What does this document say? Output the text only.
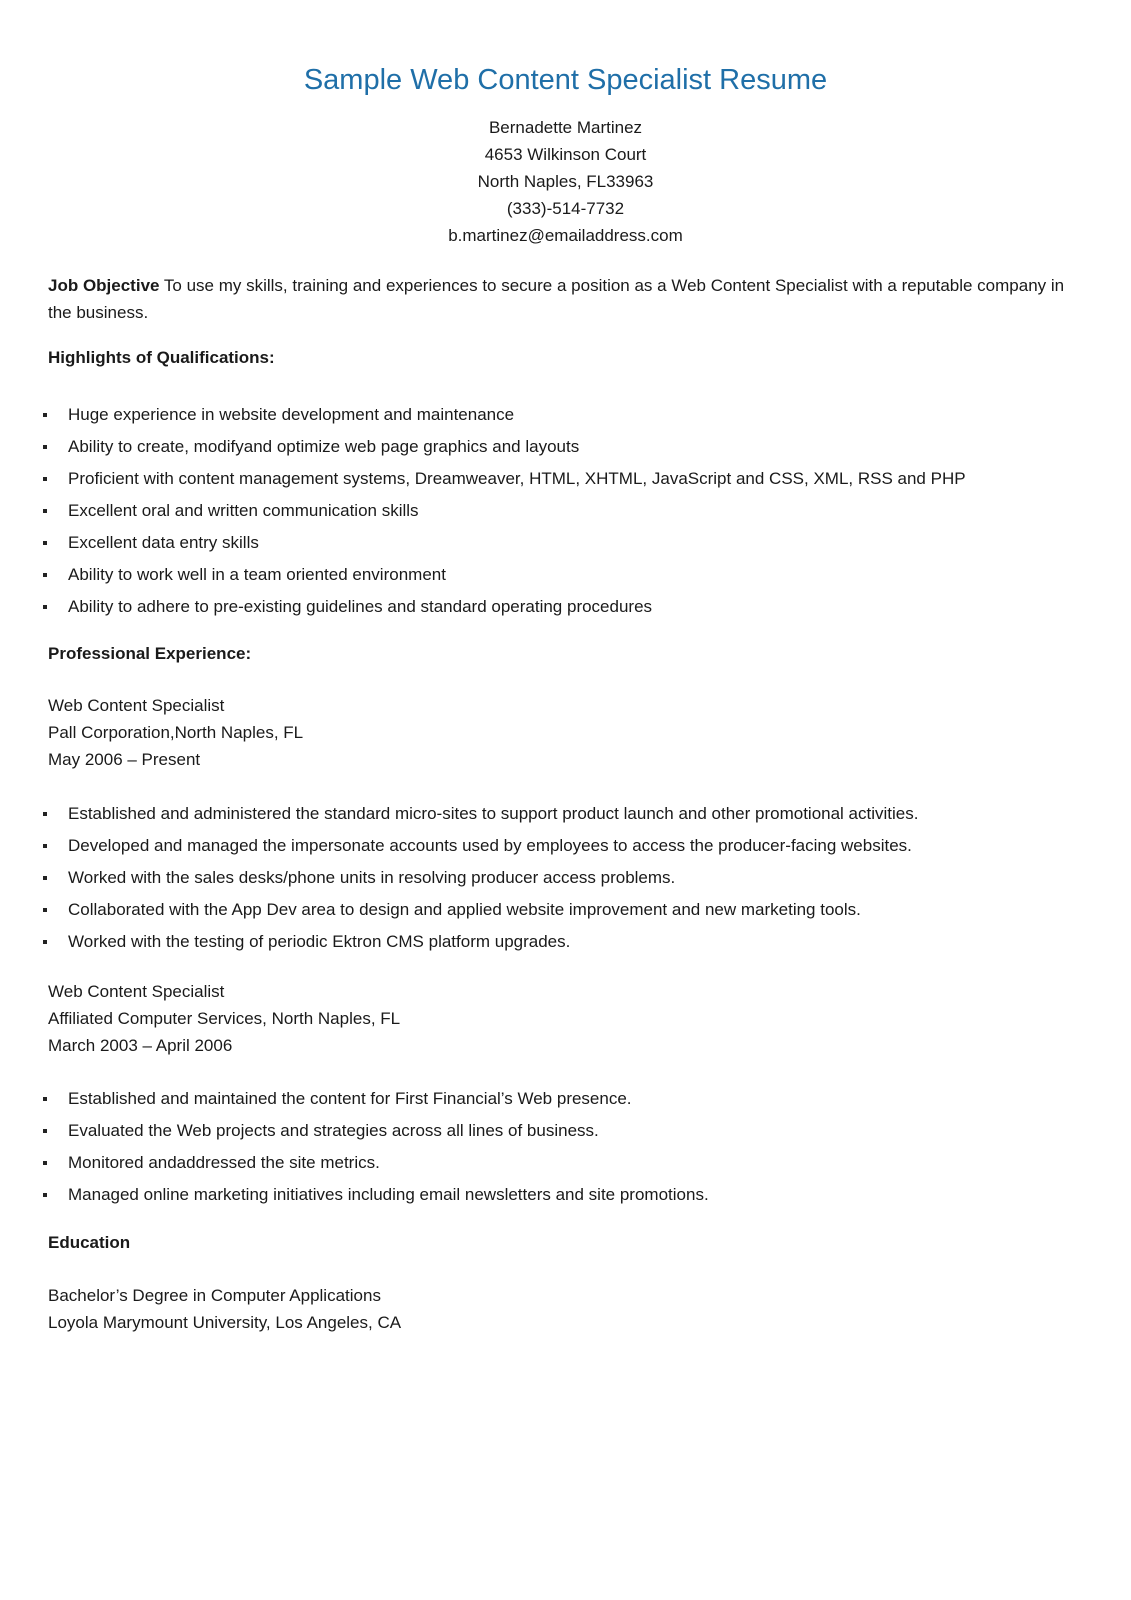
Sample Web Content Specialist Resume
Bernadette Martinez
4653 Wilkinson Court
North Naples, FL33963
(333)-514-7732
b.martinez@emailaddress.com
Job Objective To use my skills, training and experiences to secure a position as a Web Content Specialist with a reputable company in the business.
Highlights of Qualifications:
Huge experience in website development and maintenance
Ability to create, modifyand optimize web page graphics and layouts
Proficient with content management systems, Dreamweaver, HTML, XHTML, JavaScript and CSS, XML, RSS and PHP
Excellent oral and written communication skills
Excellent data entry skills
Ability to work well in a team oriented environment
Ability to adhere to pre-existing guidelines and standard operating procedures
Professional Experience:
Web Content Specialist
Pall Corporation,North Naples, FL
May 2006 – Present
Established and administered the standard micro-sites to support product launch and other promotional activities.
Developed and managed the impersonate accounts used by employees to access the producer-facing websites.
Worked with the sales desks/phone units in resolving producer access problems.
Collaborated with the App Dev area to design and applied website improvement and new marketing tools.
Worked with the testing of periodic Ektron CMS platform upgrades.
Web Content Specialist
Affiliated Computer Services, North Naples, FL
March 2003 – April 2006
Established and maintained the content for First Financial’s Web presence.
Evaluated the Web projects and strategies across all lines of business.
Monitored andaddressed the site metrics.
Managed online marketing initiatives including email newsletters and site promotions.
Education
Bachelor’s Degree in Computer Applications
Loyola Marymount University, Los Angeles, CA
